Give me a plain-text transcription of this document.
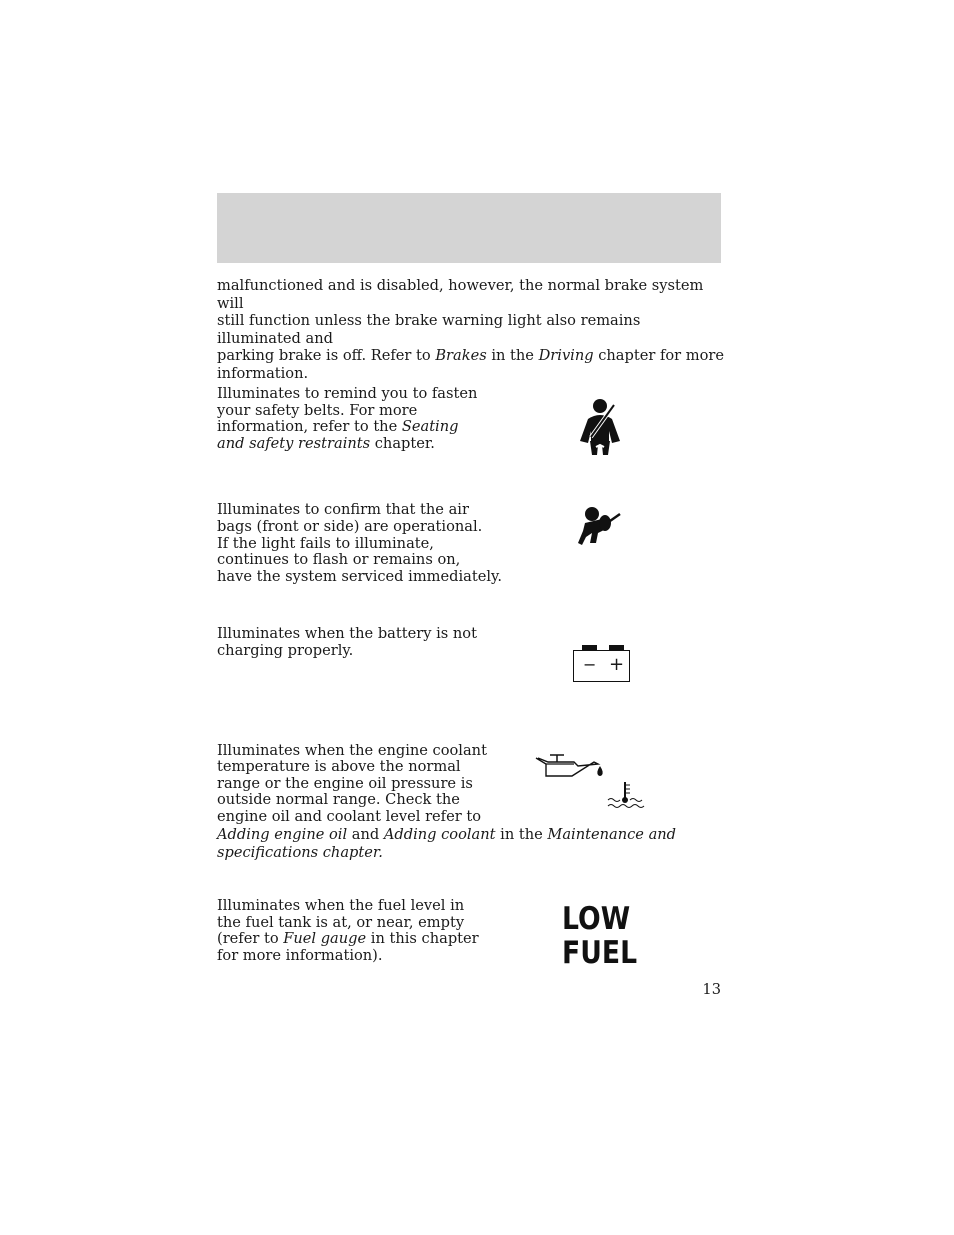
malfunctioned and is disabled, however, the normal brake system will
still function unless the brake warning light also remains illuminated and
parking brake is off. Refer to Brakes in the Driving chapter for more
information.

Illuminates to remind you to fasten
your safety belts. For more
information, refer to the Seating
and safety restraints chapter.

Illuminates to confirm that the air
bags (front or side) are operational.
If the light fails to illuminate,
continues to flash or remains on,
have the system serviced immediately.

Illuminates when the battery is not
charging properly.

− +

Illuminates when the engine coolant
temperature is above the normal
range or the engine oil pressure is
outside normal range. Check the
engine oil and coolant level refer to

Adding engine oil and Adding coolant in the Maintenance and
specifications chapter.

Illuminates when the fuel level in
the fuel tank is at, or near, empty
(refer to Fuel gauge in this chapter
for more information).

LOW
FUEL
13
